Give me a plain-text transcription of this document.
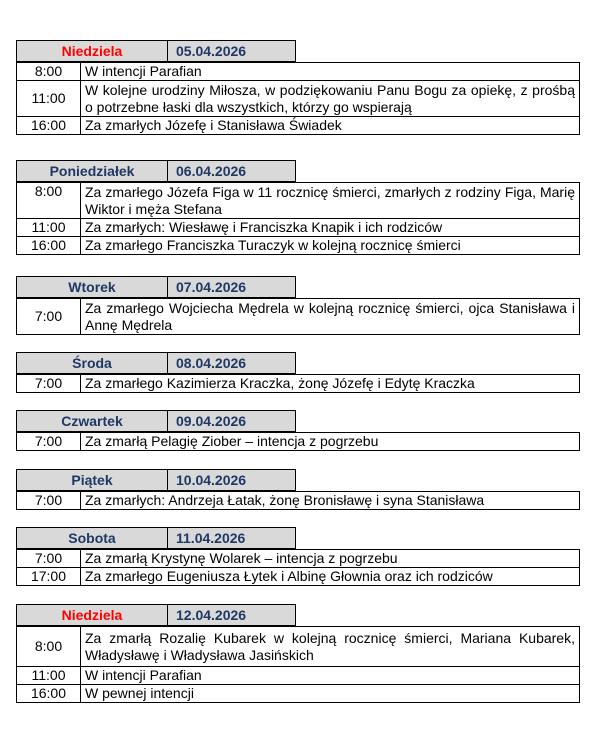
Niedziela	05.04.2026
8:00	W intencji Parafian
11:00	W kolejne urodziny Miłosza, w podziękowaniu Panu Bogu za opiekę, z prośbą o potrzebne łaski dla wszystkich, którzy go wspierają
16:00	Za zmarłych Józefę i Stanisława Świadek
Poniedziałek	06.04.2026
8:00	Za zmarłego Józefa Figa w 11 rocznicę śmierci, zmarłych z rodziny Figa, Marię Wiktor i męża Stefana
11:00	Za zmarłych: Wiesławę i Franciszka Knapik i ich rodziców
16:00	Za zmarłego Franciszka Turaczyk w kolejną rocznicę śmierci
Wtorek	07.04.2026
7:00	Za zmarłego Wojciecha Mędrela w kolejną rocznicę śmierci, ojca Stanisława i Annę Mędrela
Środa	08.04.2026
7:00	Za zmarłego Kazimierza Kraczka, żonę Józefę i Edytę Kraczka
Czwartek	09.04.2026
7:00	Za zmarłą Pelagię Ziober – intencja z pogrzebu
Piątek	10.04.2026
7:00	Za zmarłych: Andrzeja Łatak, żonę Bronisławę i syna Stanisława
Sobota	11.04.2026
7:00	Za zmarłą Krystynę Wolarek – intencja z pogrzebu
17:00	Za zmarłego Eugeniusza Łytek i Albinę Głownia oraz ich rodziców
Niedziela	12.04.2026
8:00	Za zmarłą Rozalię Kubarek w kolejną rocznicę śmierci, Mariana Kubarek, Władysławę i Władysława Jasińskich
11:00	W intencji Parafian
16:00	W pewnej intencji
